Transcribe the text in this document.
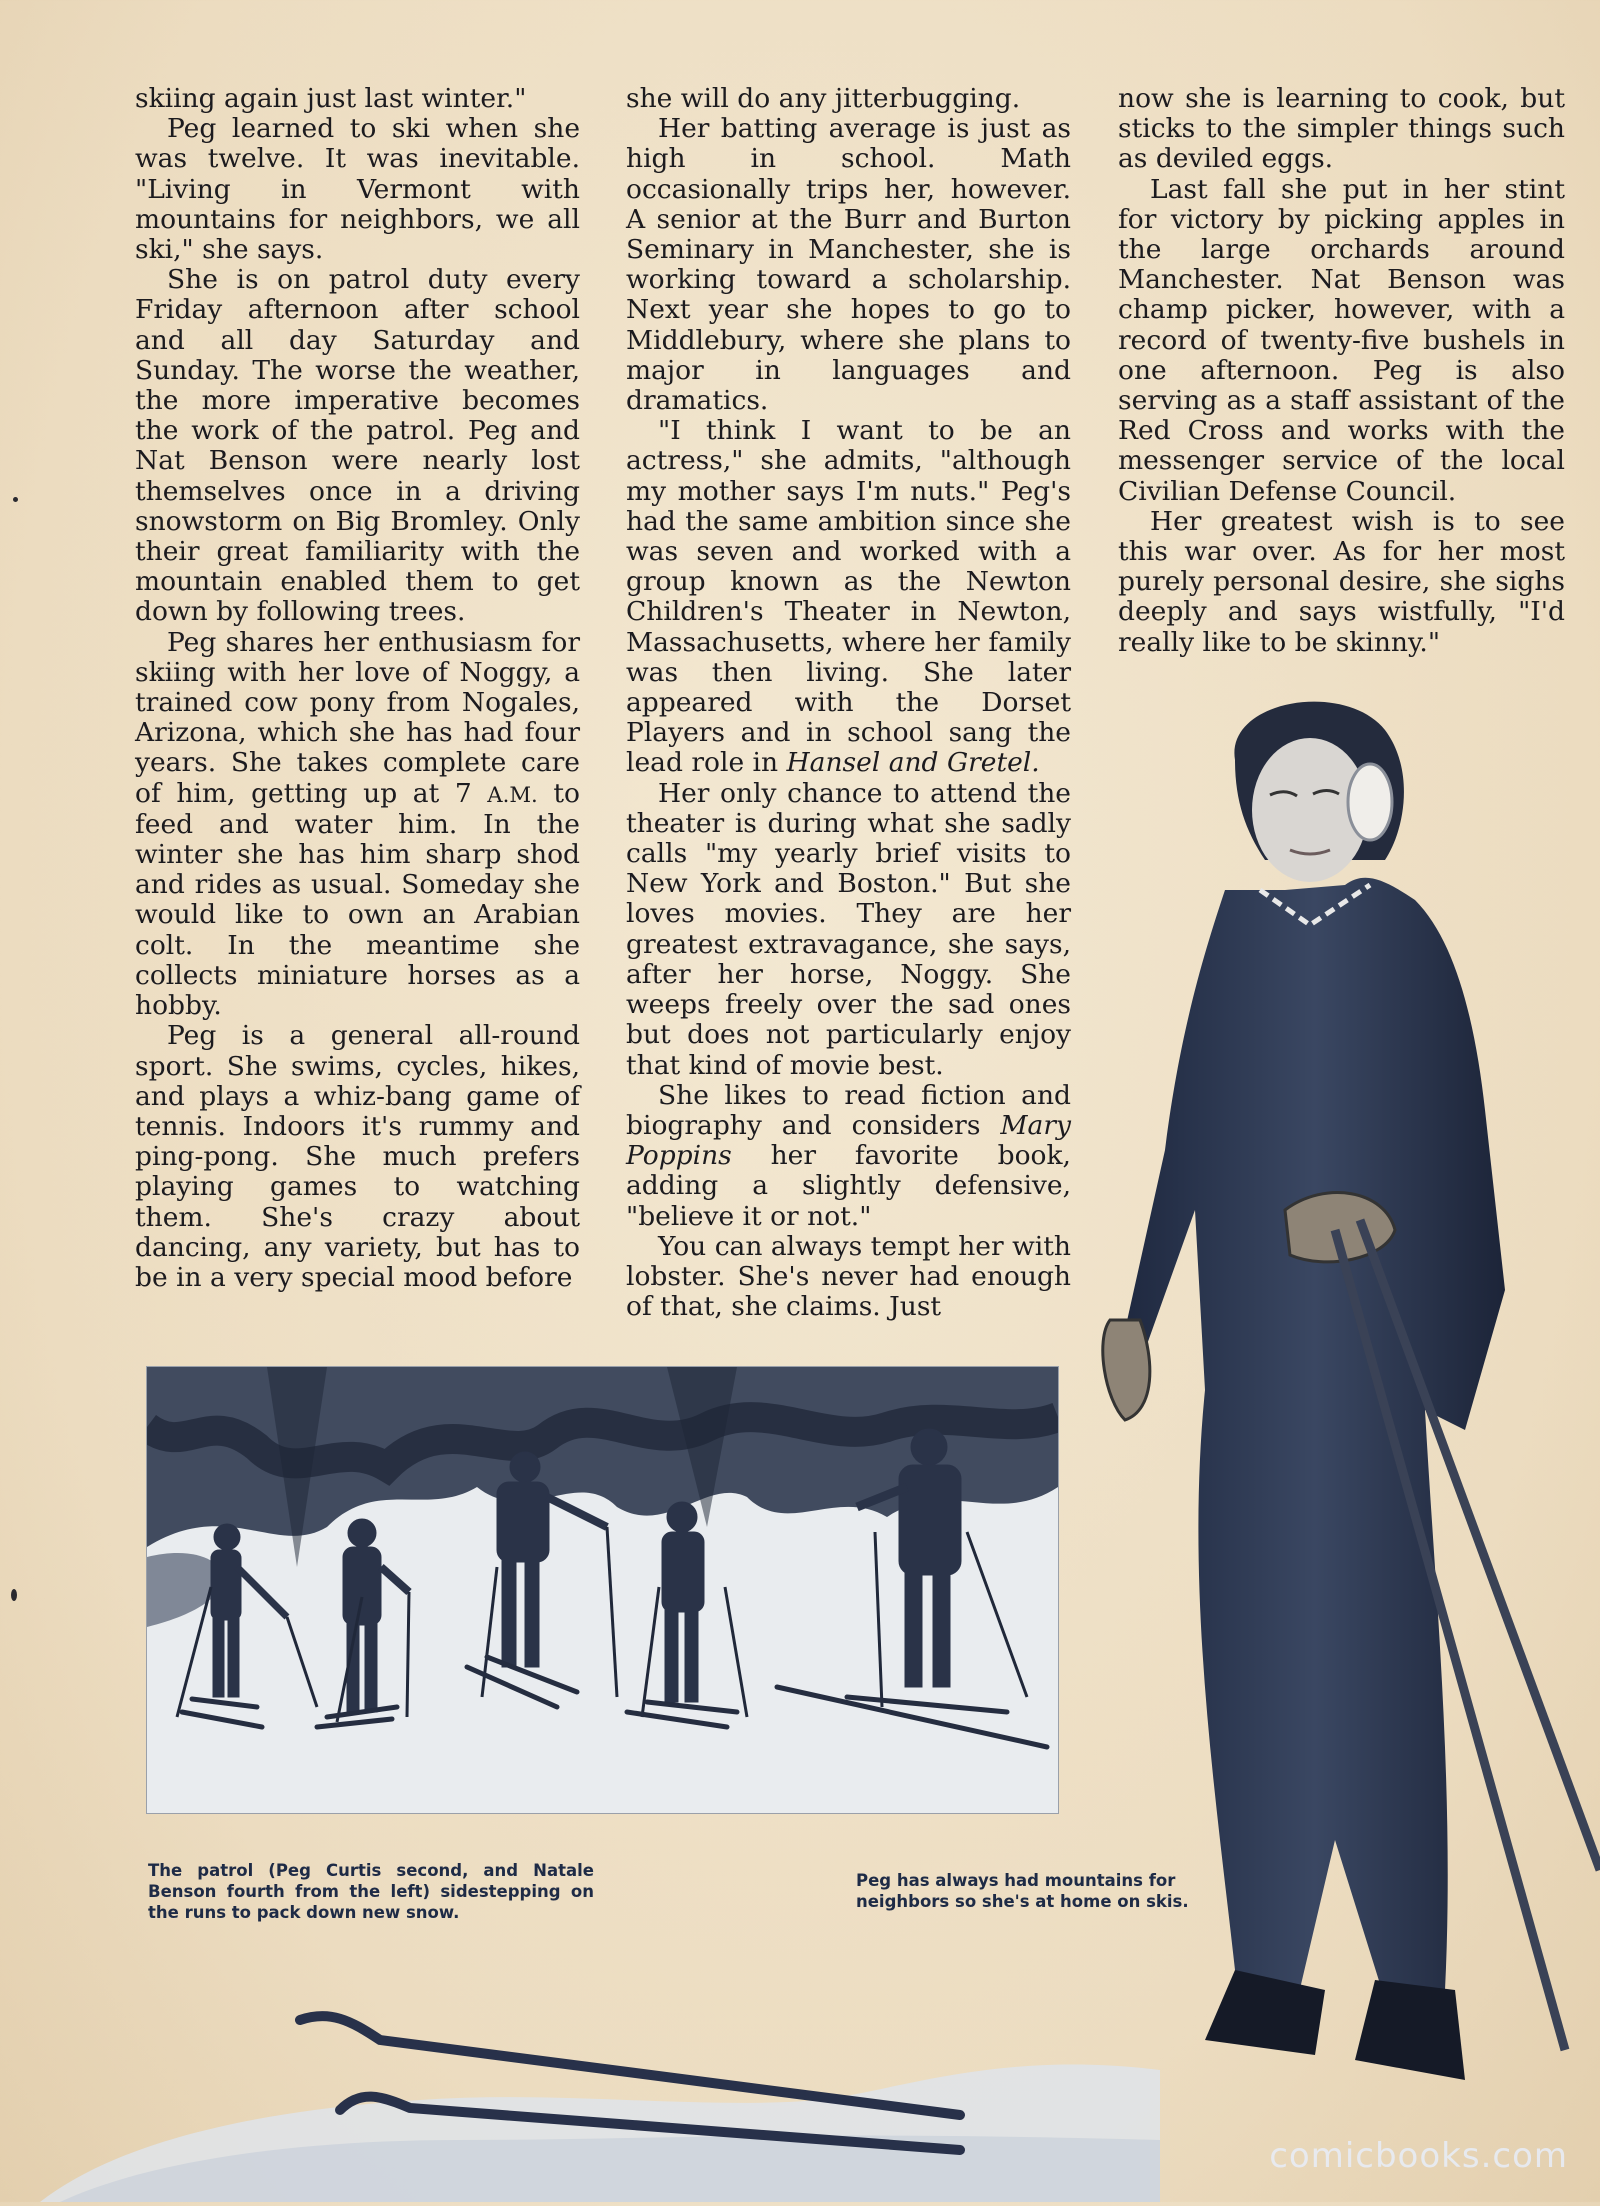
skiing again just last winter."

Peg learned to ski when she was twelve. It was inevitable. "Living in Vermont with mountains for neighbors, we all ski," she says.

She is on patrol duty every Friday afternoon after school and all day Saturday and Sunday. The worse the weather, the more imperative becomes the work of the patrol. Peg and Nat Benson were nearly lost themselves once in a driving snowstorm on Big Bromley. Only their great familiarity with the mountain enabled them to get down by following trees.

Peg shares her enthusiasm for skiing with her love of Noggy, a trained cow pony from Nogales, Arizona, which she has had four years. She takes complete care of him, getting up at 7 A.M. to feed and water him. In the winter she has him sharp shod and rides as usual. Someday she would like to own an Arabian colt. In the meantime she collects miniature horses as a hobby.

Peg is a general all-round sport. She swims, cycles, hikes, and plays a whiz-bang game of tennis. Indoors it's rummy and ping-pong. She much prefers playing games to watching them. She's crazy about dancing, any variety, but has to be in a very special mood before

she will do any jitterbugging.

Her batting average is just as high in school. Math occasionally trips her, however. A senior at the Burr and Burton Seminary in Manchester, she is working toward a scholarship. Next year she hopes to go to Middlebury, where she plans to major in languages and dramatics.

"I think I want to be an actress," she admits, "although my mother says I'm nuts." Peg's had the same ambition since she was seven and worked with a group known as the Newton Children's Theater in Newton, Massachusetts, where her family was then living. She later appeared with the Dorset Players and in school sang the lead role in Hansel and Gretel.

Her only chance to attend the theater is during what she sadly calls "my yearly brief visits to New York and Boston." But she loves movies. They are her greatest extravagance, she says, after her horse, Noggy. She weeps freely over the sad ones but does not particularly enjoy that kind of movie best.

She likes to read fiction and biography and considers Mary Poppins her favorite book, adding a slightly defensive, "believe it or not."

You can always tempt her with lobster. She's never had enough of that, she claims. Just

now she is learning to cook, but sticks to the simpler things such as deviled eggs.

Last fall she put in her stint for victory by picking apples in the large orchards around Manchester. Nat Benson was champ picker, however, with a record of twenty-five bushels in one afternoon. Peg is also serving as a staff assistant of the Red Cross and works with the messenger service of the local Civilian Defense Council.

Her greatest wish is to see this war over. As for her most purely personal desire, she sighs deeply and says wistfully, "I'd really like to be skinny."

The patrol (Peg Curtis second, and Natale Benson fourth from the left) sidestepping on the runs to pack down new snow.
Peg has always had mountains for neighbors so she's at home on skis.
comicbooks.com
